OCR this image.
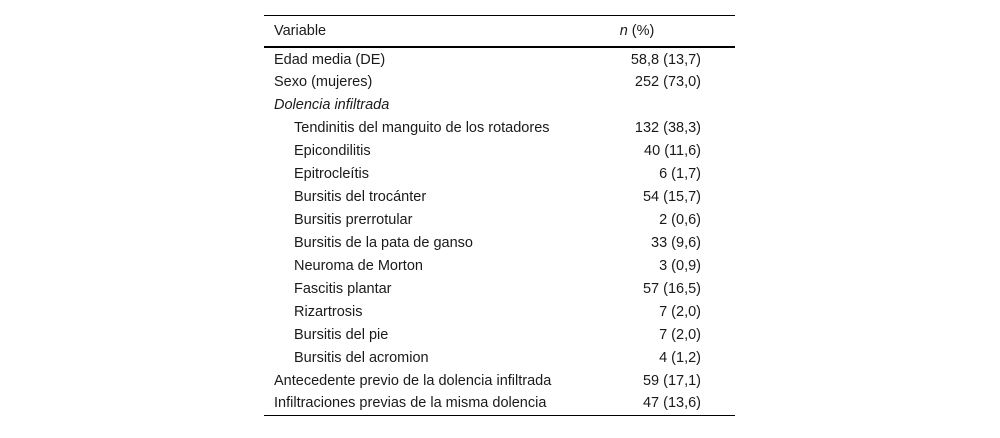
Variable	n (%)
Edad media (DE)	58,8 (13,7)
Sexo (mujeres)	252 (73,0)
Dolencia infiltrada	
Tendinitis del manguito de los rotadores	132 (38,3)
Epicondilitis	40 (11,6)
Epitrocleítis	6 (1,7)
Bursitis del trocánter	54 (15,7)
Bursitis prerrotular	2 (0,6)
Bursitis de la pata de ganso	33 (9,6)
Neuroma de Morton	3 (0,9)
Fascitis plantar	57 (16,5)
Rizartrosis	7 (2,0)
Bursitis del pie	7 (2,0)
Bursitis del acromion	4 (1,2)
Antecedente previo de la dolencia infiltrada	59 (17,1)
Infiltraciones previas de la misma dolencia	47 (13,6)
